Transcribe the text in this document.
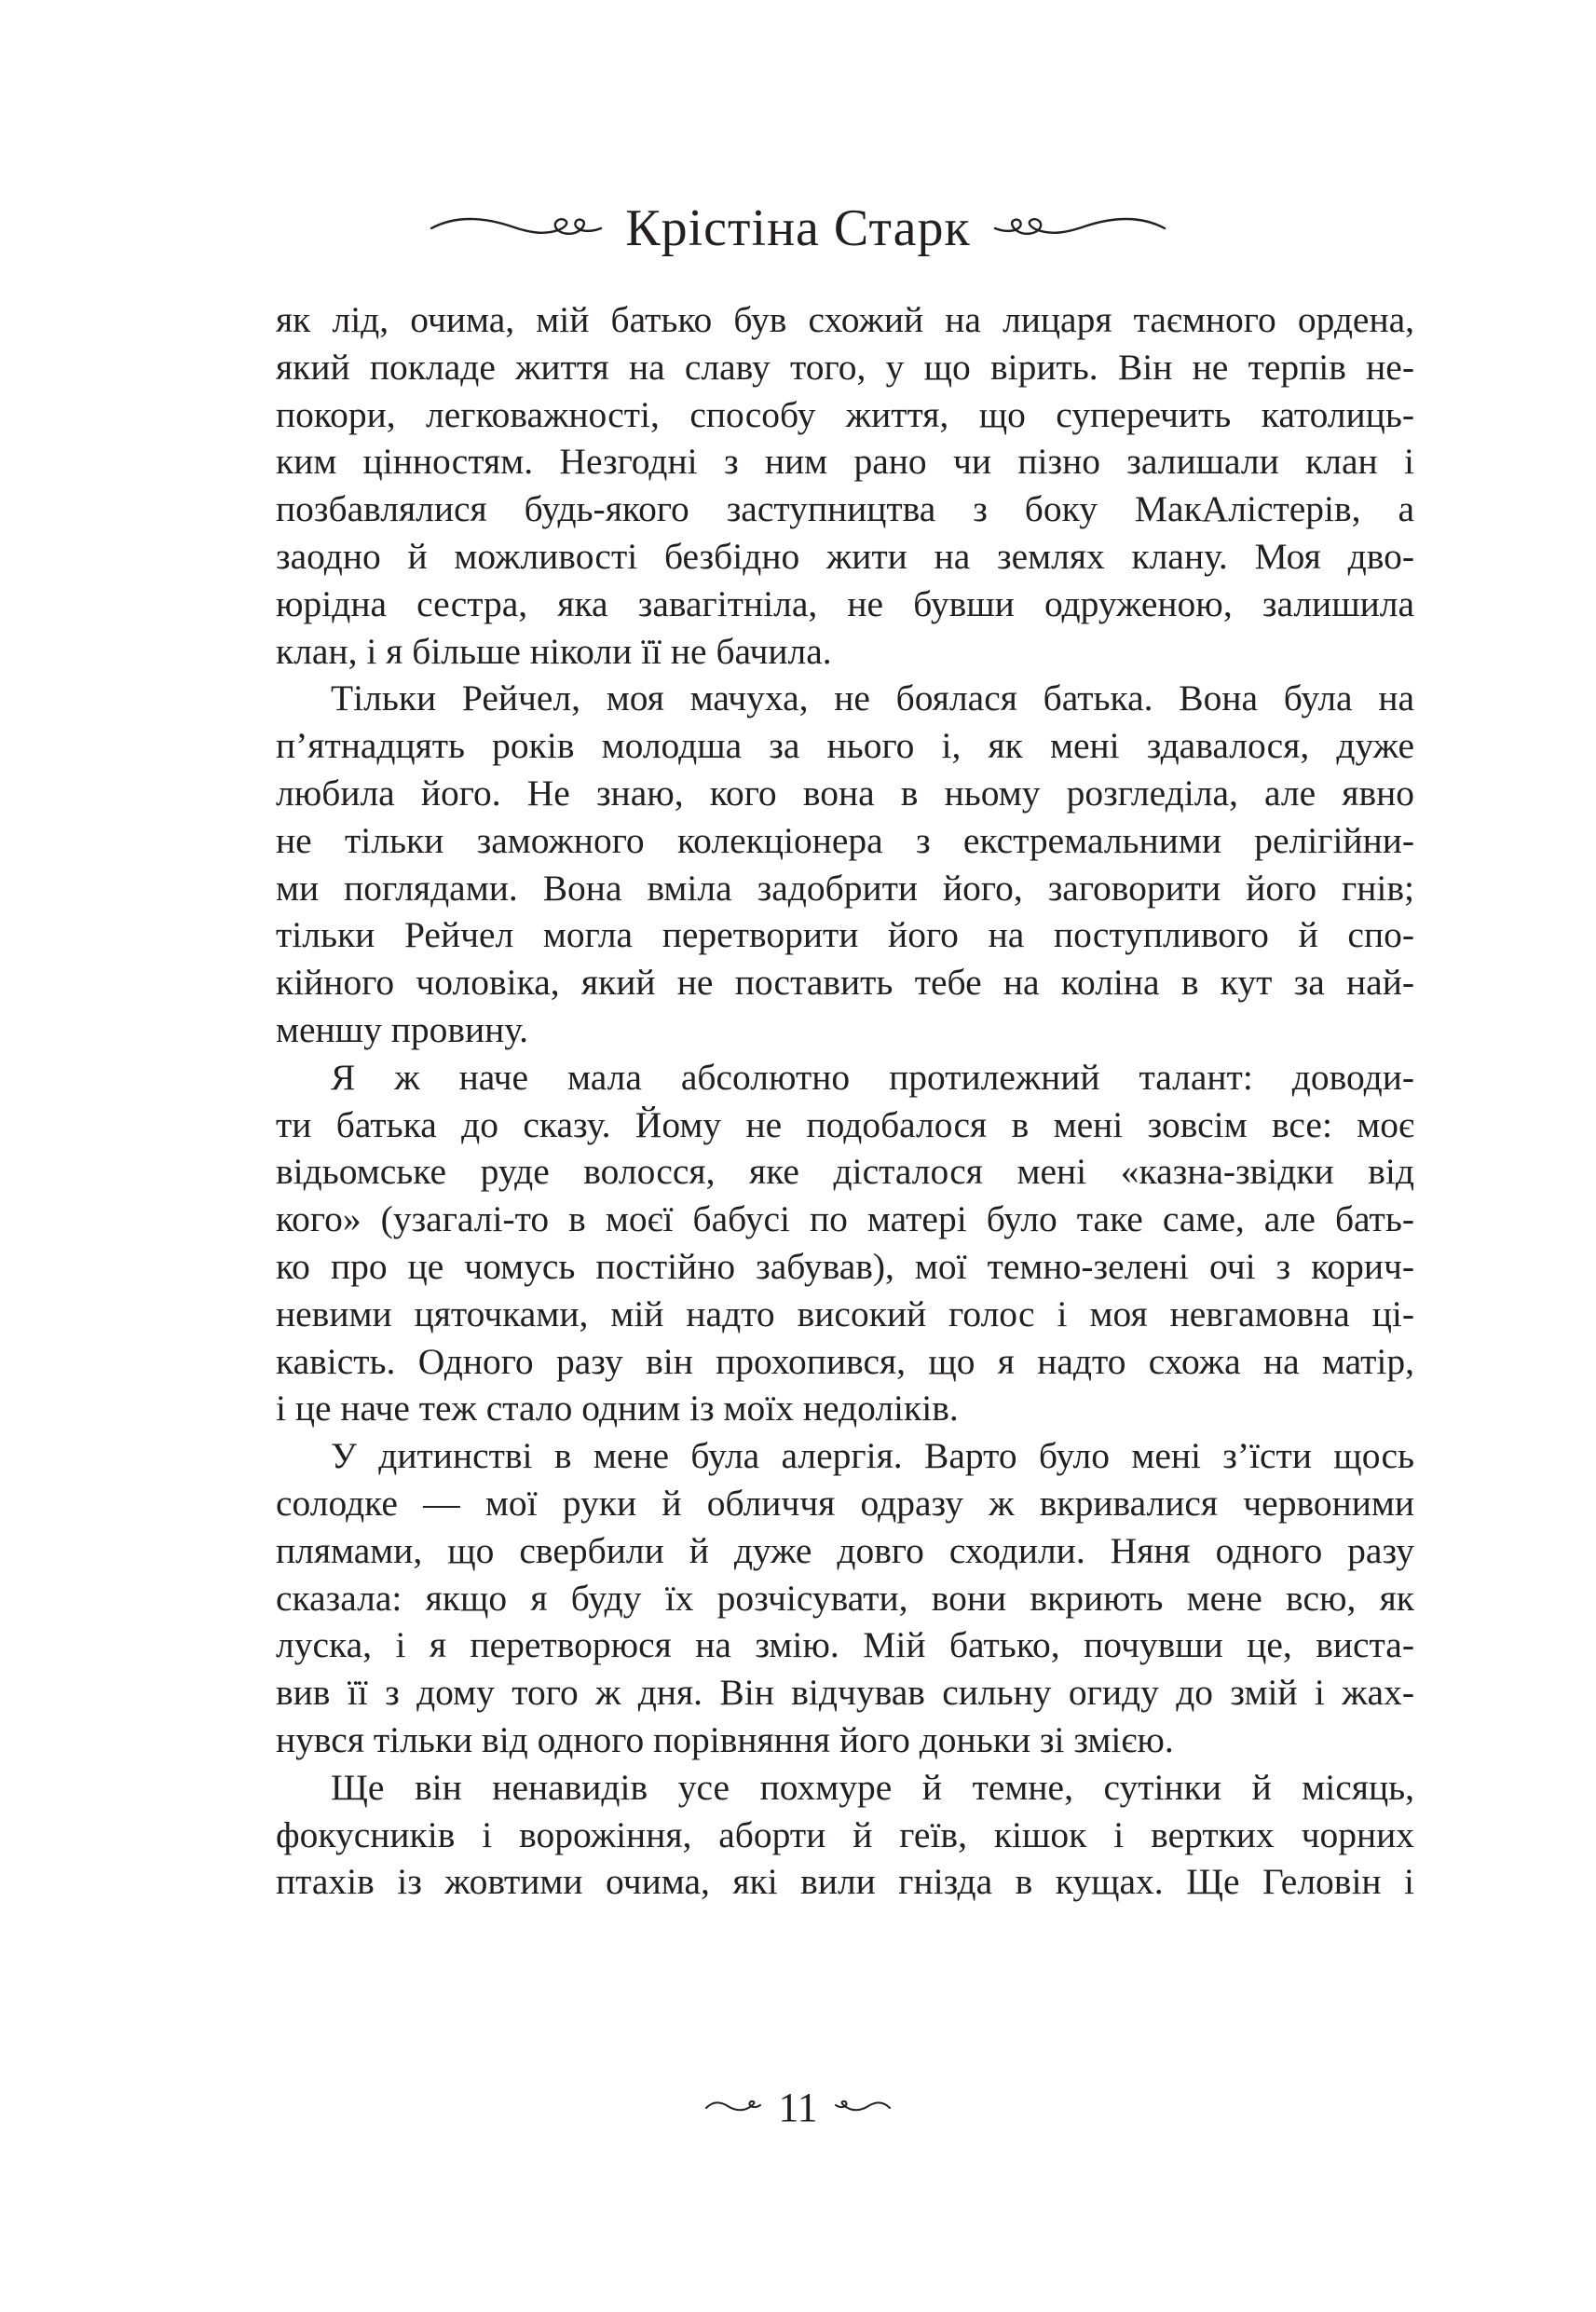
Крістіна Старк
як лід, очима, мій батько був схожий на лицаря таємного ордена,
який покладе життя на славу того, у що вірить. Він не терпів не-
покори, легковажності, способу життя, що суперечить католиць-
ким цінностям. Незгодні з ним рано чи пізно залишали клан і
позбавлялися будь-якого заступництва з боку МакАлістерів, а
заодно й можливості безбідно жити на землях клану. Моя дво-
юрідна сестра, яка завагітніла, не бувши одруженою, залишила
клан, і я більше ніколи її не бачила.
Тільки Рейчел, моя мачуха, не боялася батька. Вона була на
п’ятнадцять років молодша за нього і, як мені здавалося, дуже
любила його. Не знаю, кого вона в ньому розгледіла, але явно
не тільки заможного колекціонера з екстремальними релігійни-
ми поглядами. Вона вміла задобрити його, заговорити його гнів;
тільки Рейчел могла перетворити його на поступливого й спо-
кійного чоловіка, який не поставить тебе на коліна в кут за най-
меншу провину.
Я ж наче мала абсолютно протилежний талант: доводи-
ти батька до сказу. Йому не подобалося в мені зовсім все: моє
відьомське руде волосся, яке дісталося мені «казна-звідки від
кого» (узагалі-то в моєї бабусі по матері було таке саме, але бать-
ко про це чомусь постійно забував), мої темно-зелені очі з корич-
невими цяточками, мій надто високий голос і моя невгамовна ці-
кавість. Одного разу він прохопився, що я надто схожа на матір,
і це наче теж стало одним із моїх недоліків.
У дитинстві в мене була алергія. Варто було мені з’їсти щось
солодке — мої руки й обличчя одразу ж вкривалися червоними
плямами, що свербили й дуже довго сходили. Няня одного разу
сказала: якщо я буду їх розчісувати, вони вкриють мене всю, як
луска, і я перетворюся на змію. Мій батько, почувши це, виста-
вив її з дому того ж дня. Він відчував сильну огиду до змій і жах-
нувся тільки від одного порівняння його доньки зі змією.
Ще він ненавидів усе похмуре й темне, сутінки й місяць,
фокусників і ворожіння, аборти й геїв, кішок і вертких чорних
птахів із жовтими очима, які вили гнізда в кущах. Ще Геловін і
11
